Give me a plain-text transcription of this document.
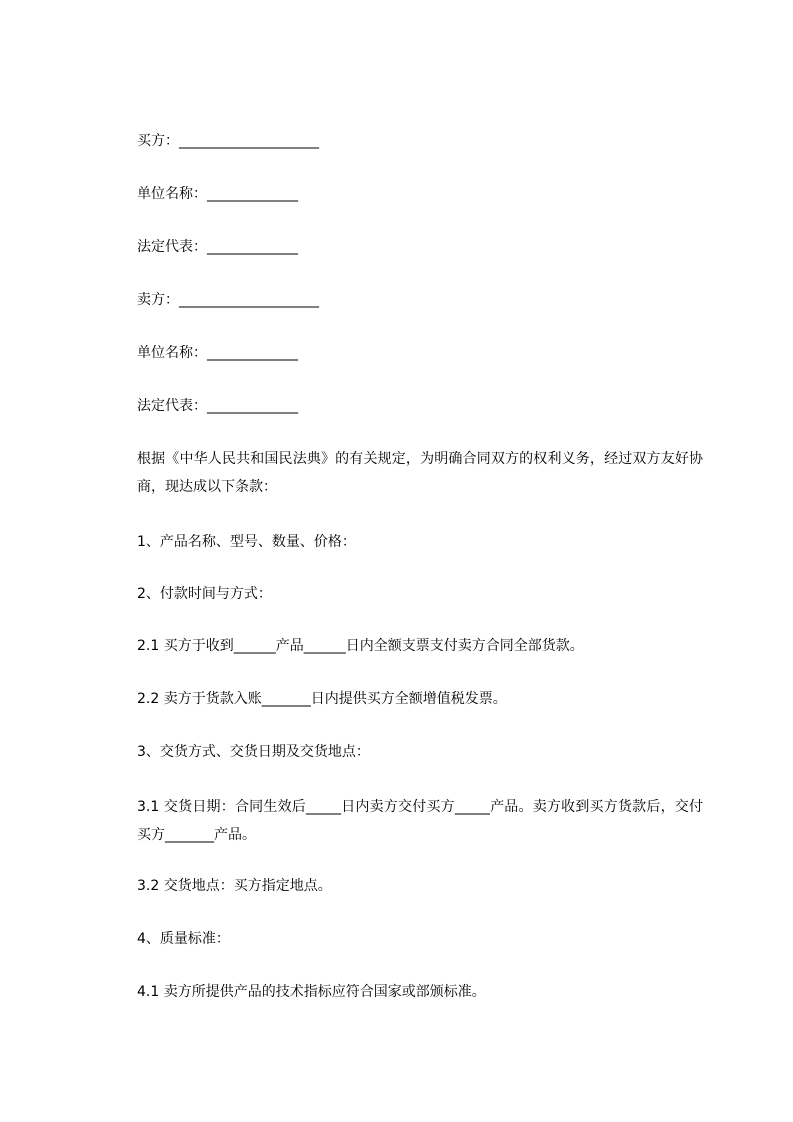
买方：____________________
单位名称：_____________
法定代表：_____________
卖方：____________________
单位名称：_____________
法定代表：_____________
根据《中华人民共和国民法典》的有关规定，为明确合同双方的权利义务，经过双方友好协商，现达成以下条款：
1、产品名称、型号、数量、价格：
2、付款时间与方式：
2.1 买方于收到______产品______日内全额支票支付卖方合同全部货款。
2.2 卖方于货款入账_______日内提供买方全额增值税发票。
3、交货方式、交货日期及交货地点：
3.1 交货日期：合同生效后_____日内卖方交付买方_____产品。卖方收到买方货款后，交付买方_______产品。
3.2 交货地点：买方指定地点。
4、质量标准：
4.1 卖方所提供产品的技术指标应符合国家或部颁标准。
